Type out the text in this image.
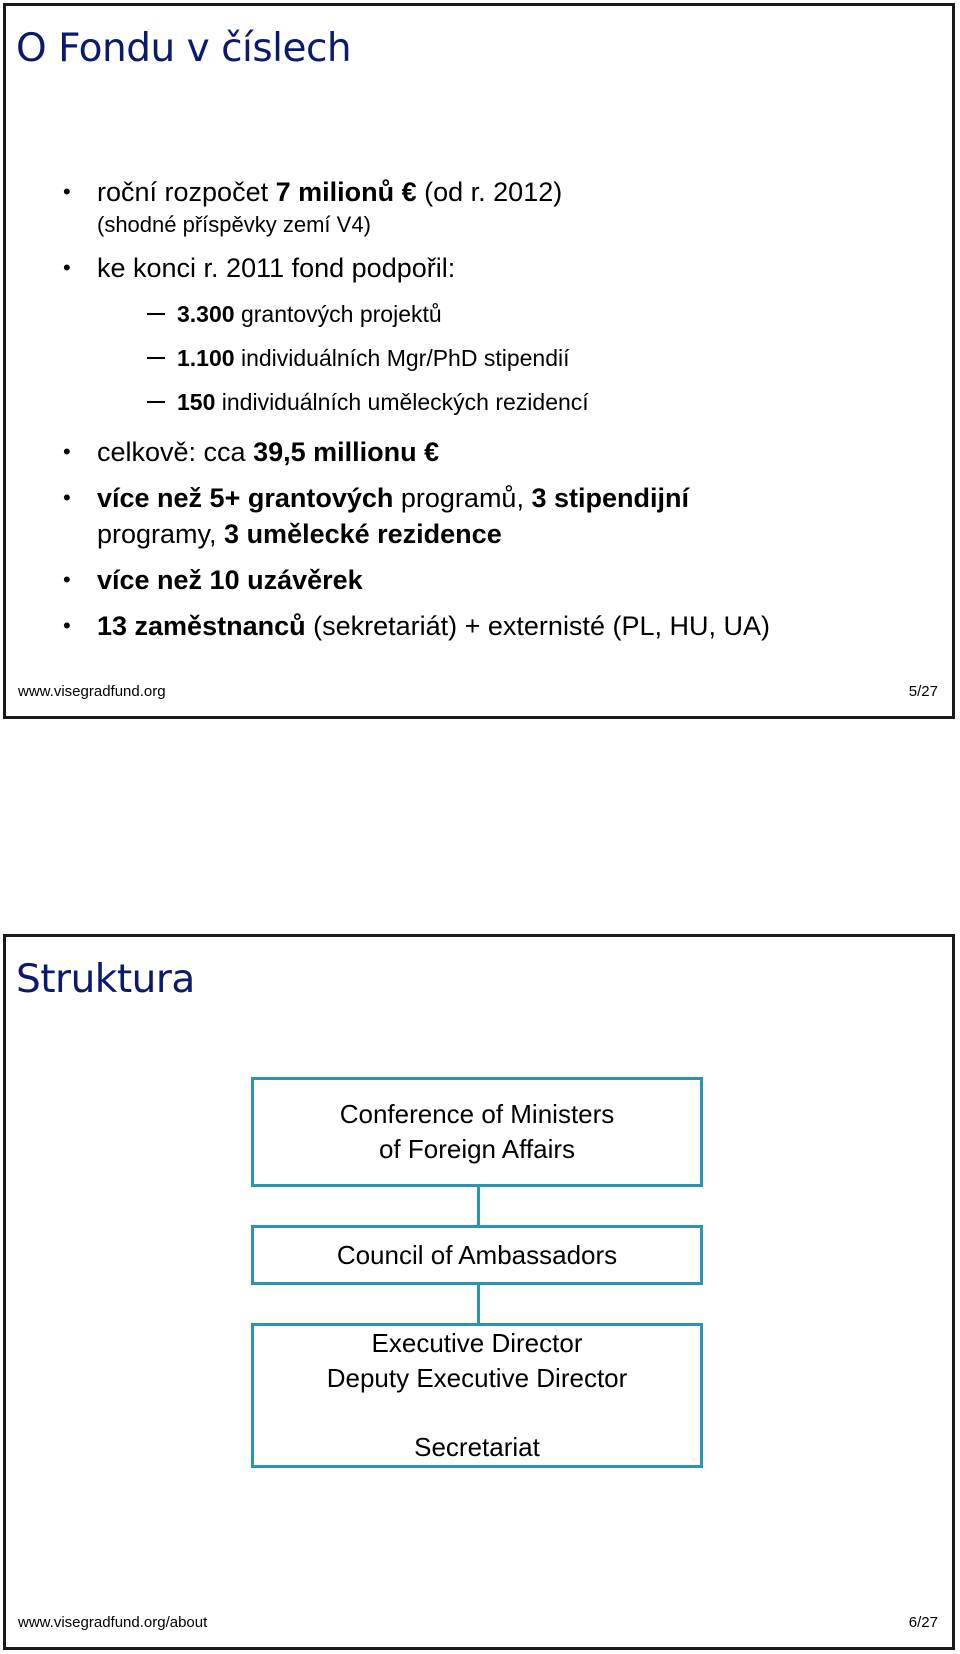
O Fondu v číslech
• roční rozpočet 7 milionů € (od r. 2012)
(shodné příspěvky zemí V4)
• ke konci r. 2011 fond podpořil:
3.300 grantových projektů
1.100 individuálních Mgr/PhD stipendií
150 individuálních uměleckých rezidencí
• celkově: cca 39,5 millionu €
• více než 5+ grantových programů, 3 stipendijní
programy, 3 umělecké rezidence
• více než 10 uzávěrek
• 13 zaměstnanců (sekretariát) + externisté (PL, HU, UA)
www.visegradfund.org	5/27
Struktura
Conference of Ministers
of Foreign Affairs
Council of Ambassadors
Executive Director
Deputy Executive Director
Secretariat
www.visegradfund.org/about	6/27
